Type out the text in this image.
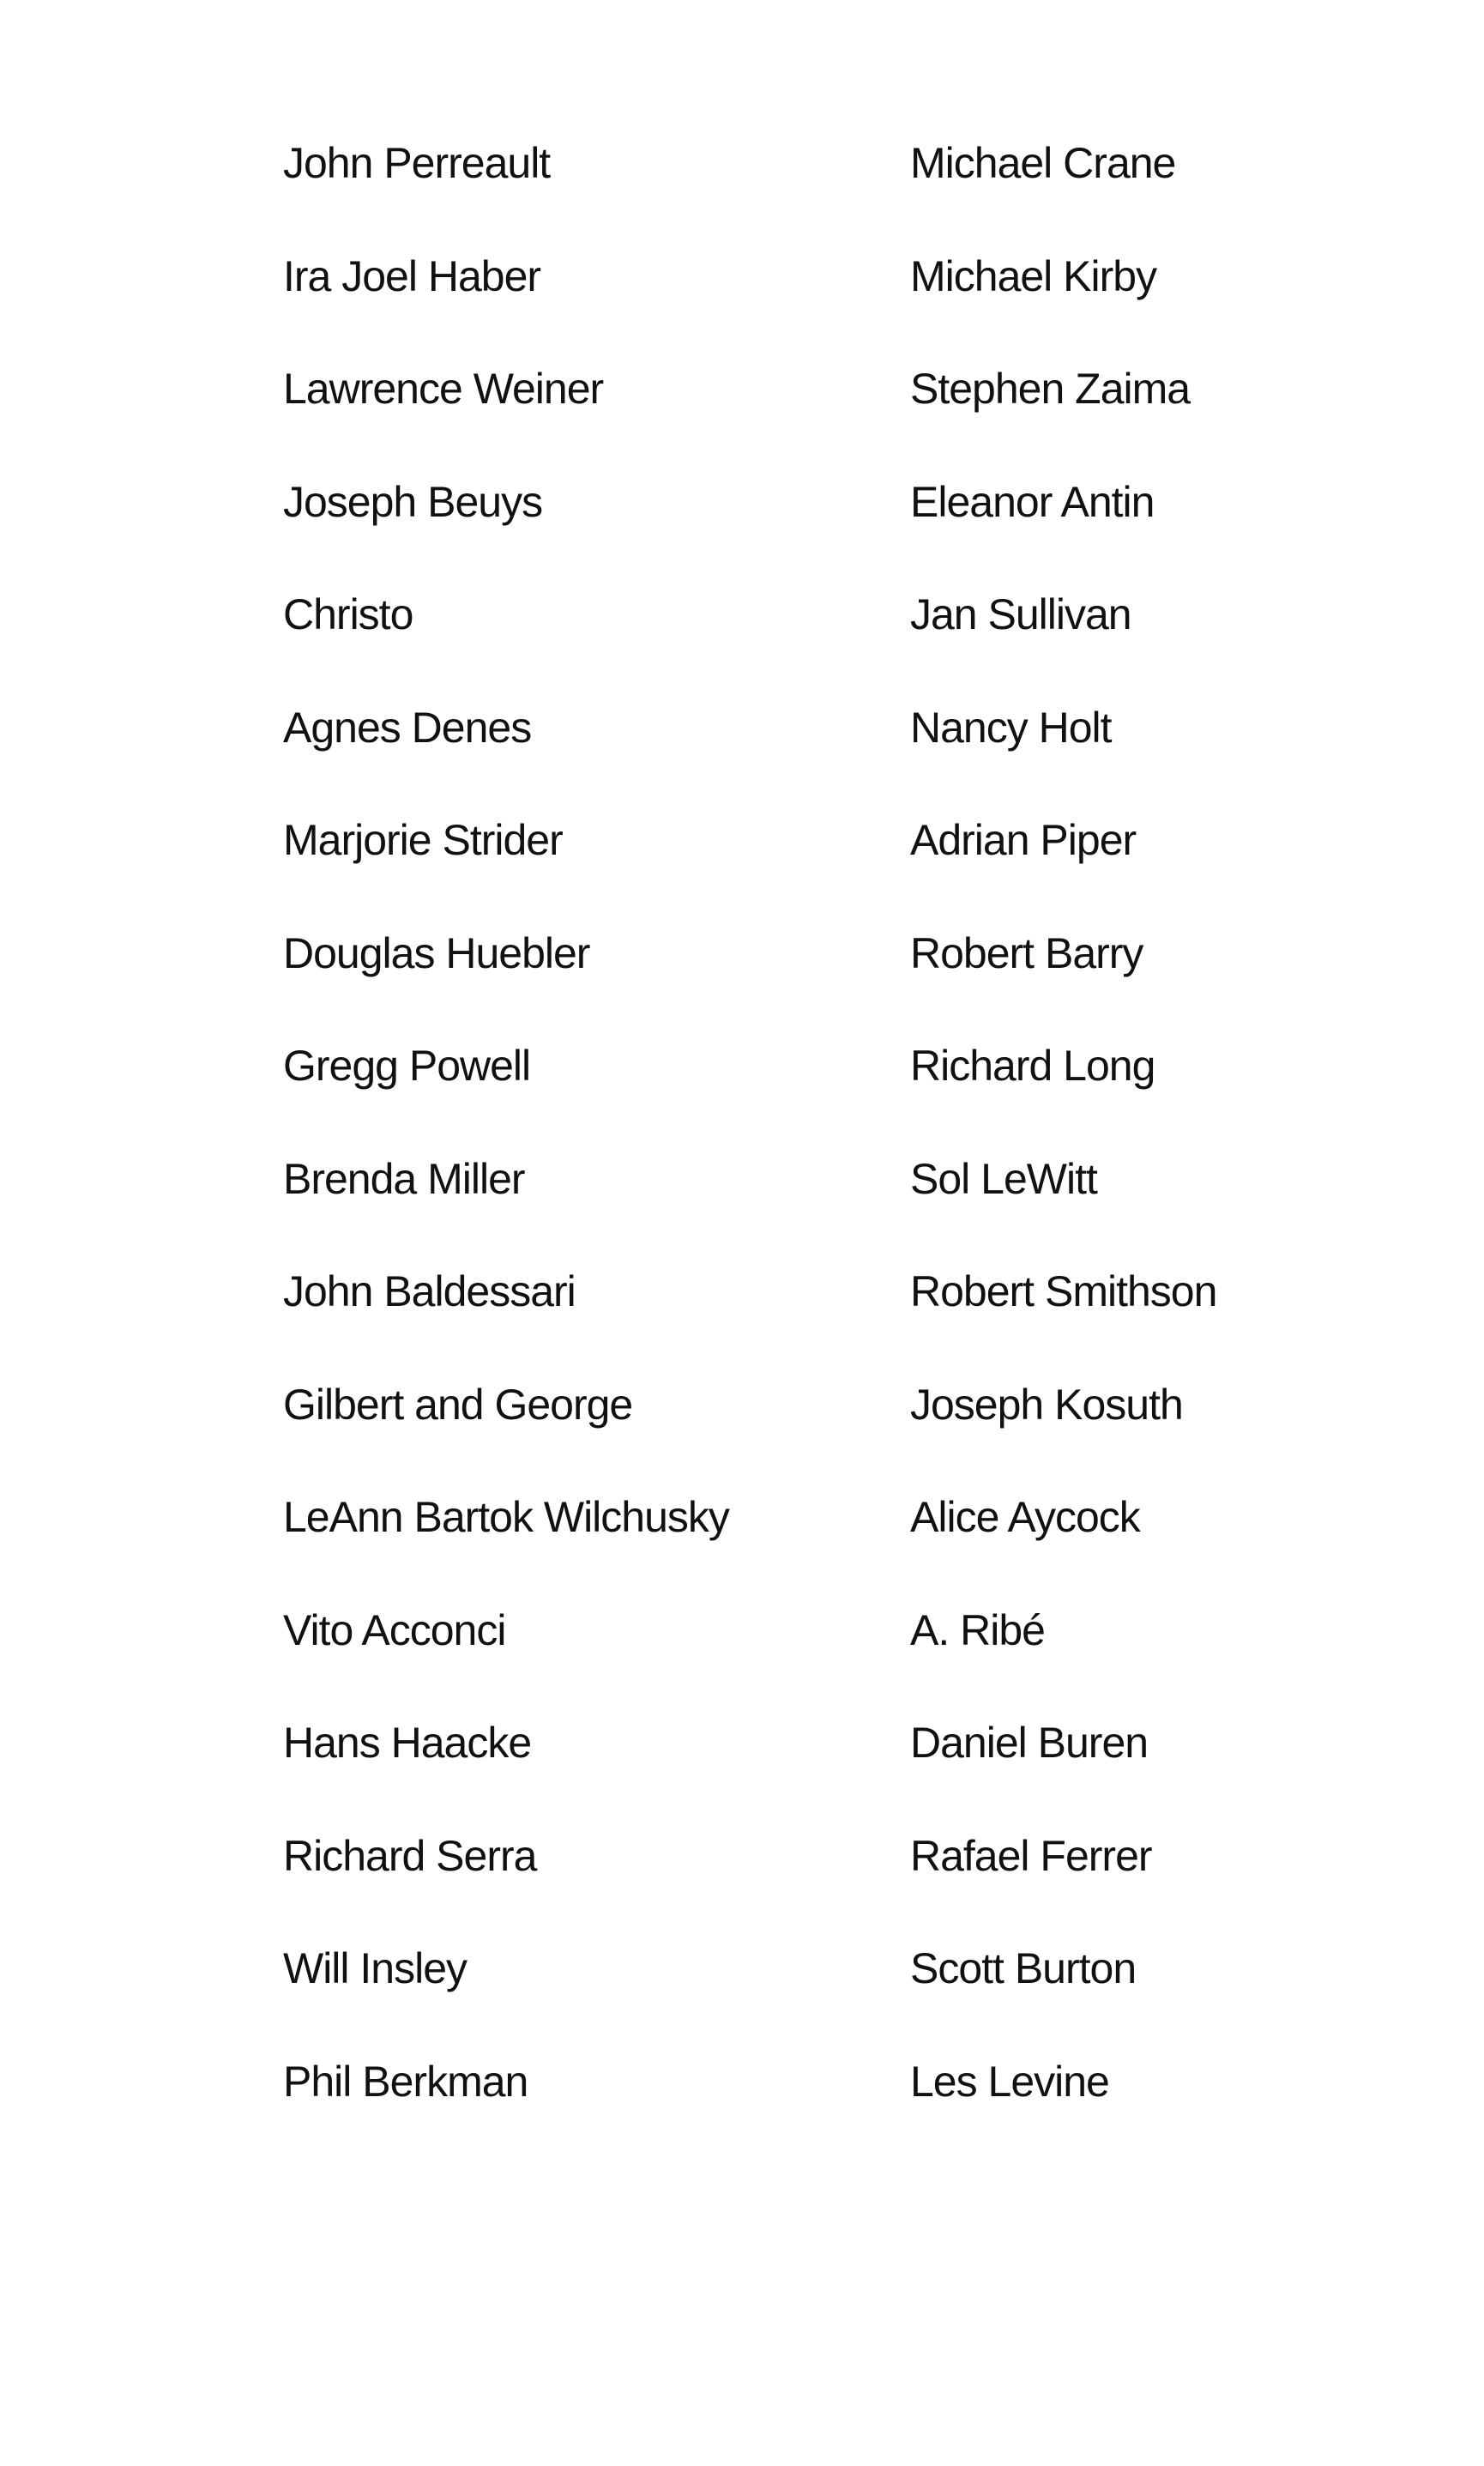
John Perreault
Ira Joel Haber
Lawrence Weiner
Joseph Beuys
Christo
Agnes Denes
Marjorie Strider
Douglas Huebler
Gregg Powell
Brenda Miller
John Baldessari
Gilbert and George
LeAnn Bartok Wilchusky
Vito Acconci
Hans Haacke
Richard Serra
Will Insley
Phil Berkman
Michael Crane
Michael Kirby
Stephen Zaima
Eleanor Antin
Jan Sullivan
Nancy Holt
Adrian Piper
Robert Barry
Richard Long
Sol LeWitt
Robert Smithson
Joseph Kosuth
Alice Aycock
A. Ribé
Daniel Buren
Rafael Ferrer
Scott Burton
Les Levine
